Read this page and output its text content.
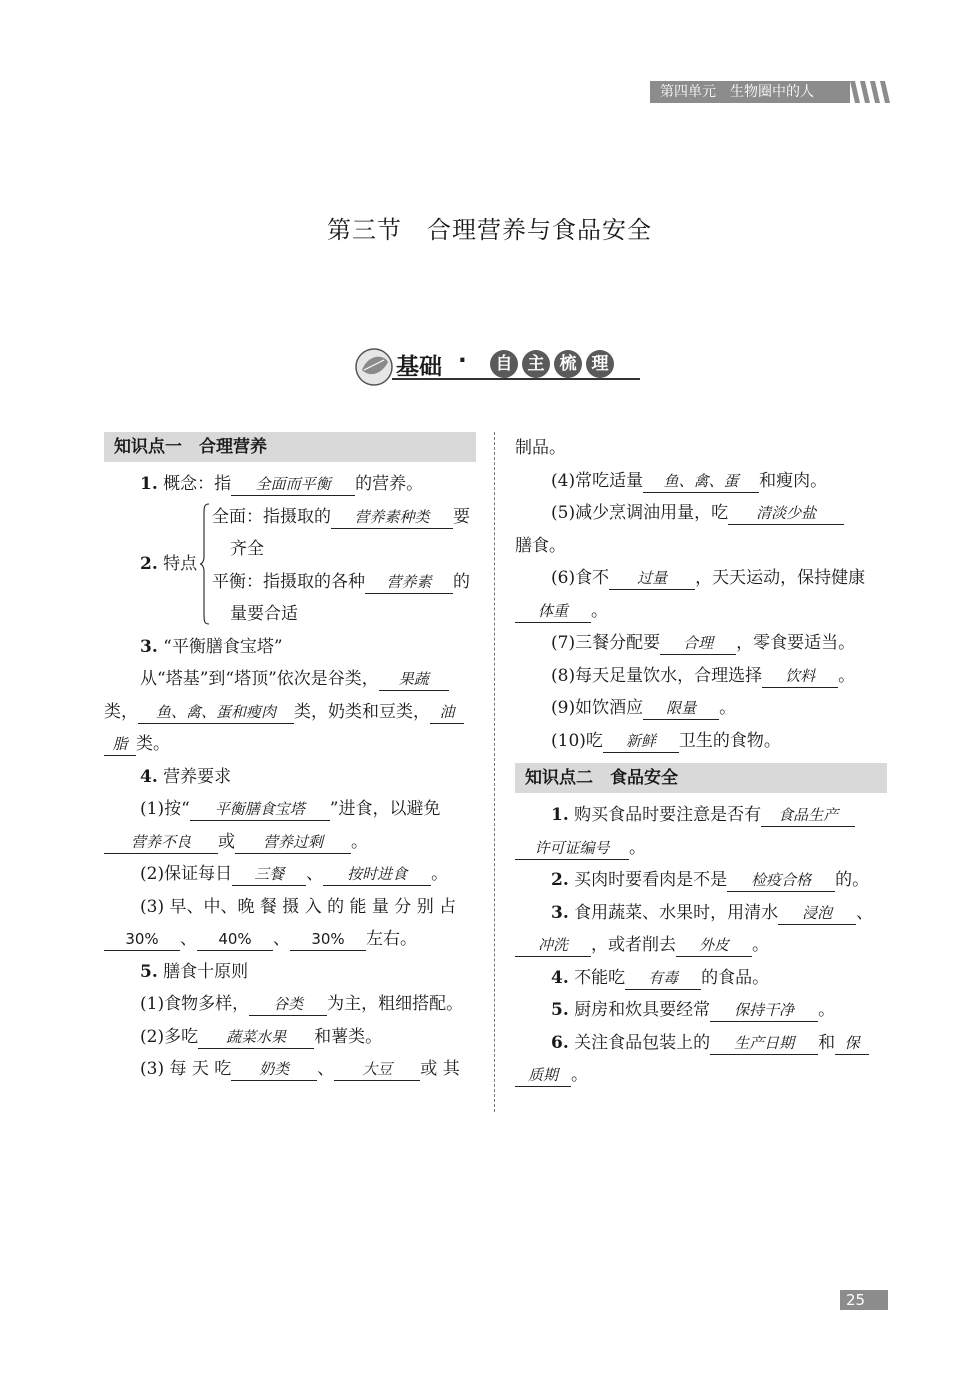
第四单元　生物圈中的人
第三节　合理营养与食品安全
基础 ·	自 主 梳 理
知识点一　合理营养
1. 概念：指 全面而平衡 的营养。
2. 特点
全面：指摄取的 营养素种类 要
齐全
平衡：指摄取的各种 营养素 的
量要合适
3. “平衡膳食宝塔”
从“塔基”到“塔顶”依次是谷类， 果蔬
类， 鱼、禽、蛋和瘦肉 类，奶类和豆类， 油
脂 类。
4. 营养要求
(1)按“ 平衡膳食宝塔 ”进食，以避免
营养不良 或 营养过剩 。
(2)保证每日 三餐 、 按时进食 。
(3) 早、中、晚 餐 摄 入 的 能 量 分 别 占
30% 、 40% 、 30% 左右。
5. 膳食十原则
(1)食物多样， 谷类 为主，粗细搭配。
(2)多吃 蔬菜水果 和薯类。
(3) 每 天 吃 奶类 、 大豆 或 其
制品。
(4)常吃适量 鱼、禽、蛋 和瘦肉。
(5)减少烹调油用量，吃 清淡少盐
膳食。
(6)食不 过量 ，天天运动，保持健康
体重 。
(7)三餐分配要 合理 ，零食要适当。
(8)每天足量饮水，合理选择 饮料 。
(9)如饮酒应 限量 。
(10)吃 新鲜 卫生的食物。
知识点二　食品安全
1. 购买食品时要注意是否有 食品生产
许可证编号 。
2. 买肉时要看肉是不是 检疫合格 的。
3. 食用蔬菜、水果时，用清水 浸泡 、
冲洗 ，或者削去 外皮 。
4. 不能吃 有毒 的食品。
5. 厨房和炊具要经常 保持干净 。
6. 关注食品包装上的 生产日期 和 保
质期 。
25
